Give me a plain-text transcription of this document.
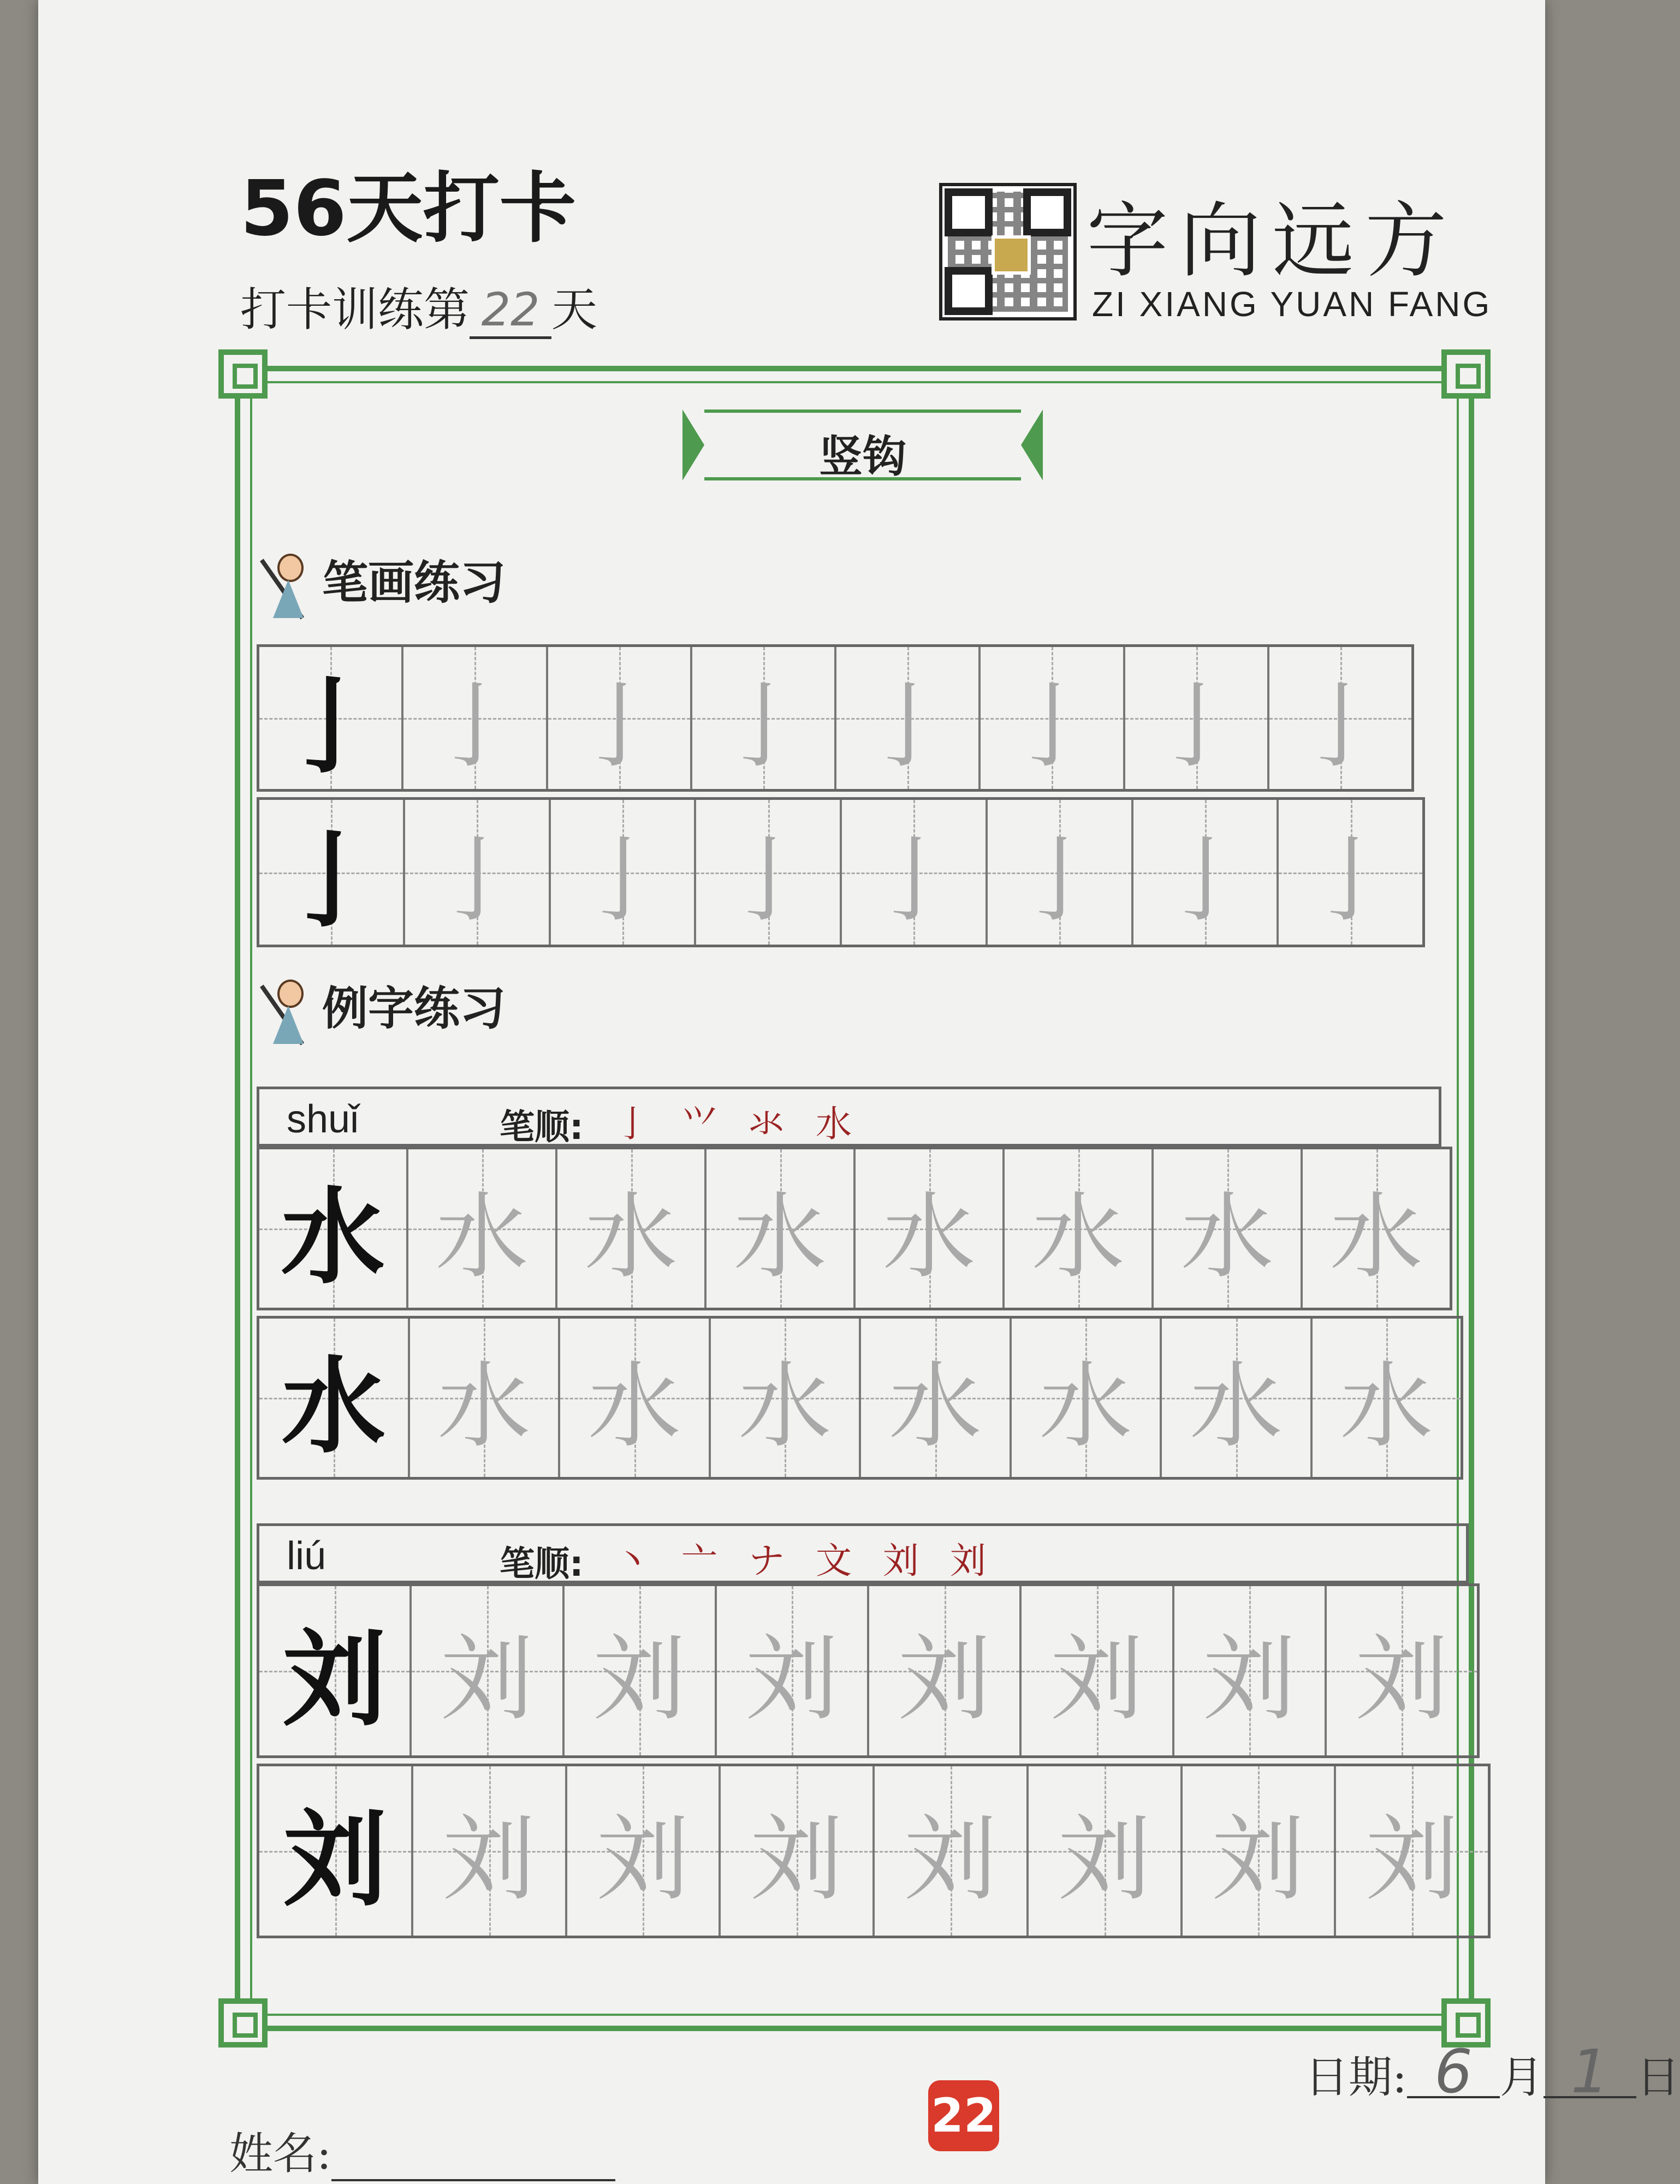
56天打卡
打卡训练第 22 天
字向远方
ZI XIANG YUAN FANG
竖钩
笔画练习
亅 亅 亅 亅 亅 亅 亅 亅
亅 亅 亅 亅 亅 亅 亅 亅
例字练习
shuǐ	笔顺: 亅 ⺍ 氺 水
水 水 水 水 水 水 水 水
水 水 水 水 水 水 水 水
liú	笔顺: 丶 亠 ナ 文 刘 刘
刘 刘 刘 刘 刘 刘 刘 刘
刘 刘 刘 刘 刘 刘 刘 刘
日期: 6 月 1 日
22
姓名:
